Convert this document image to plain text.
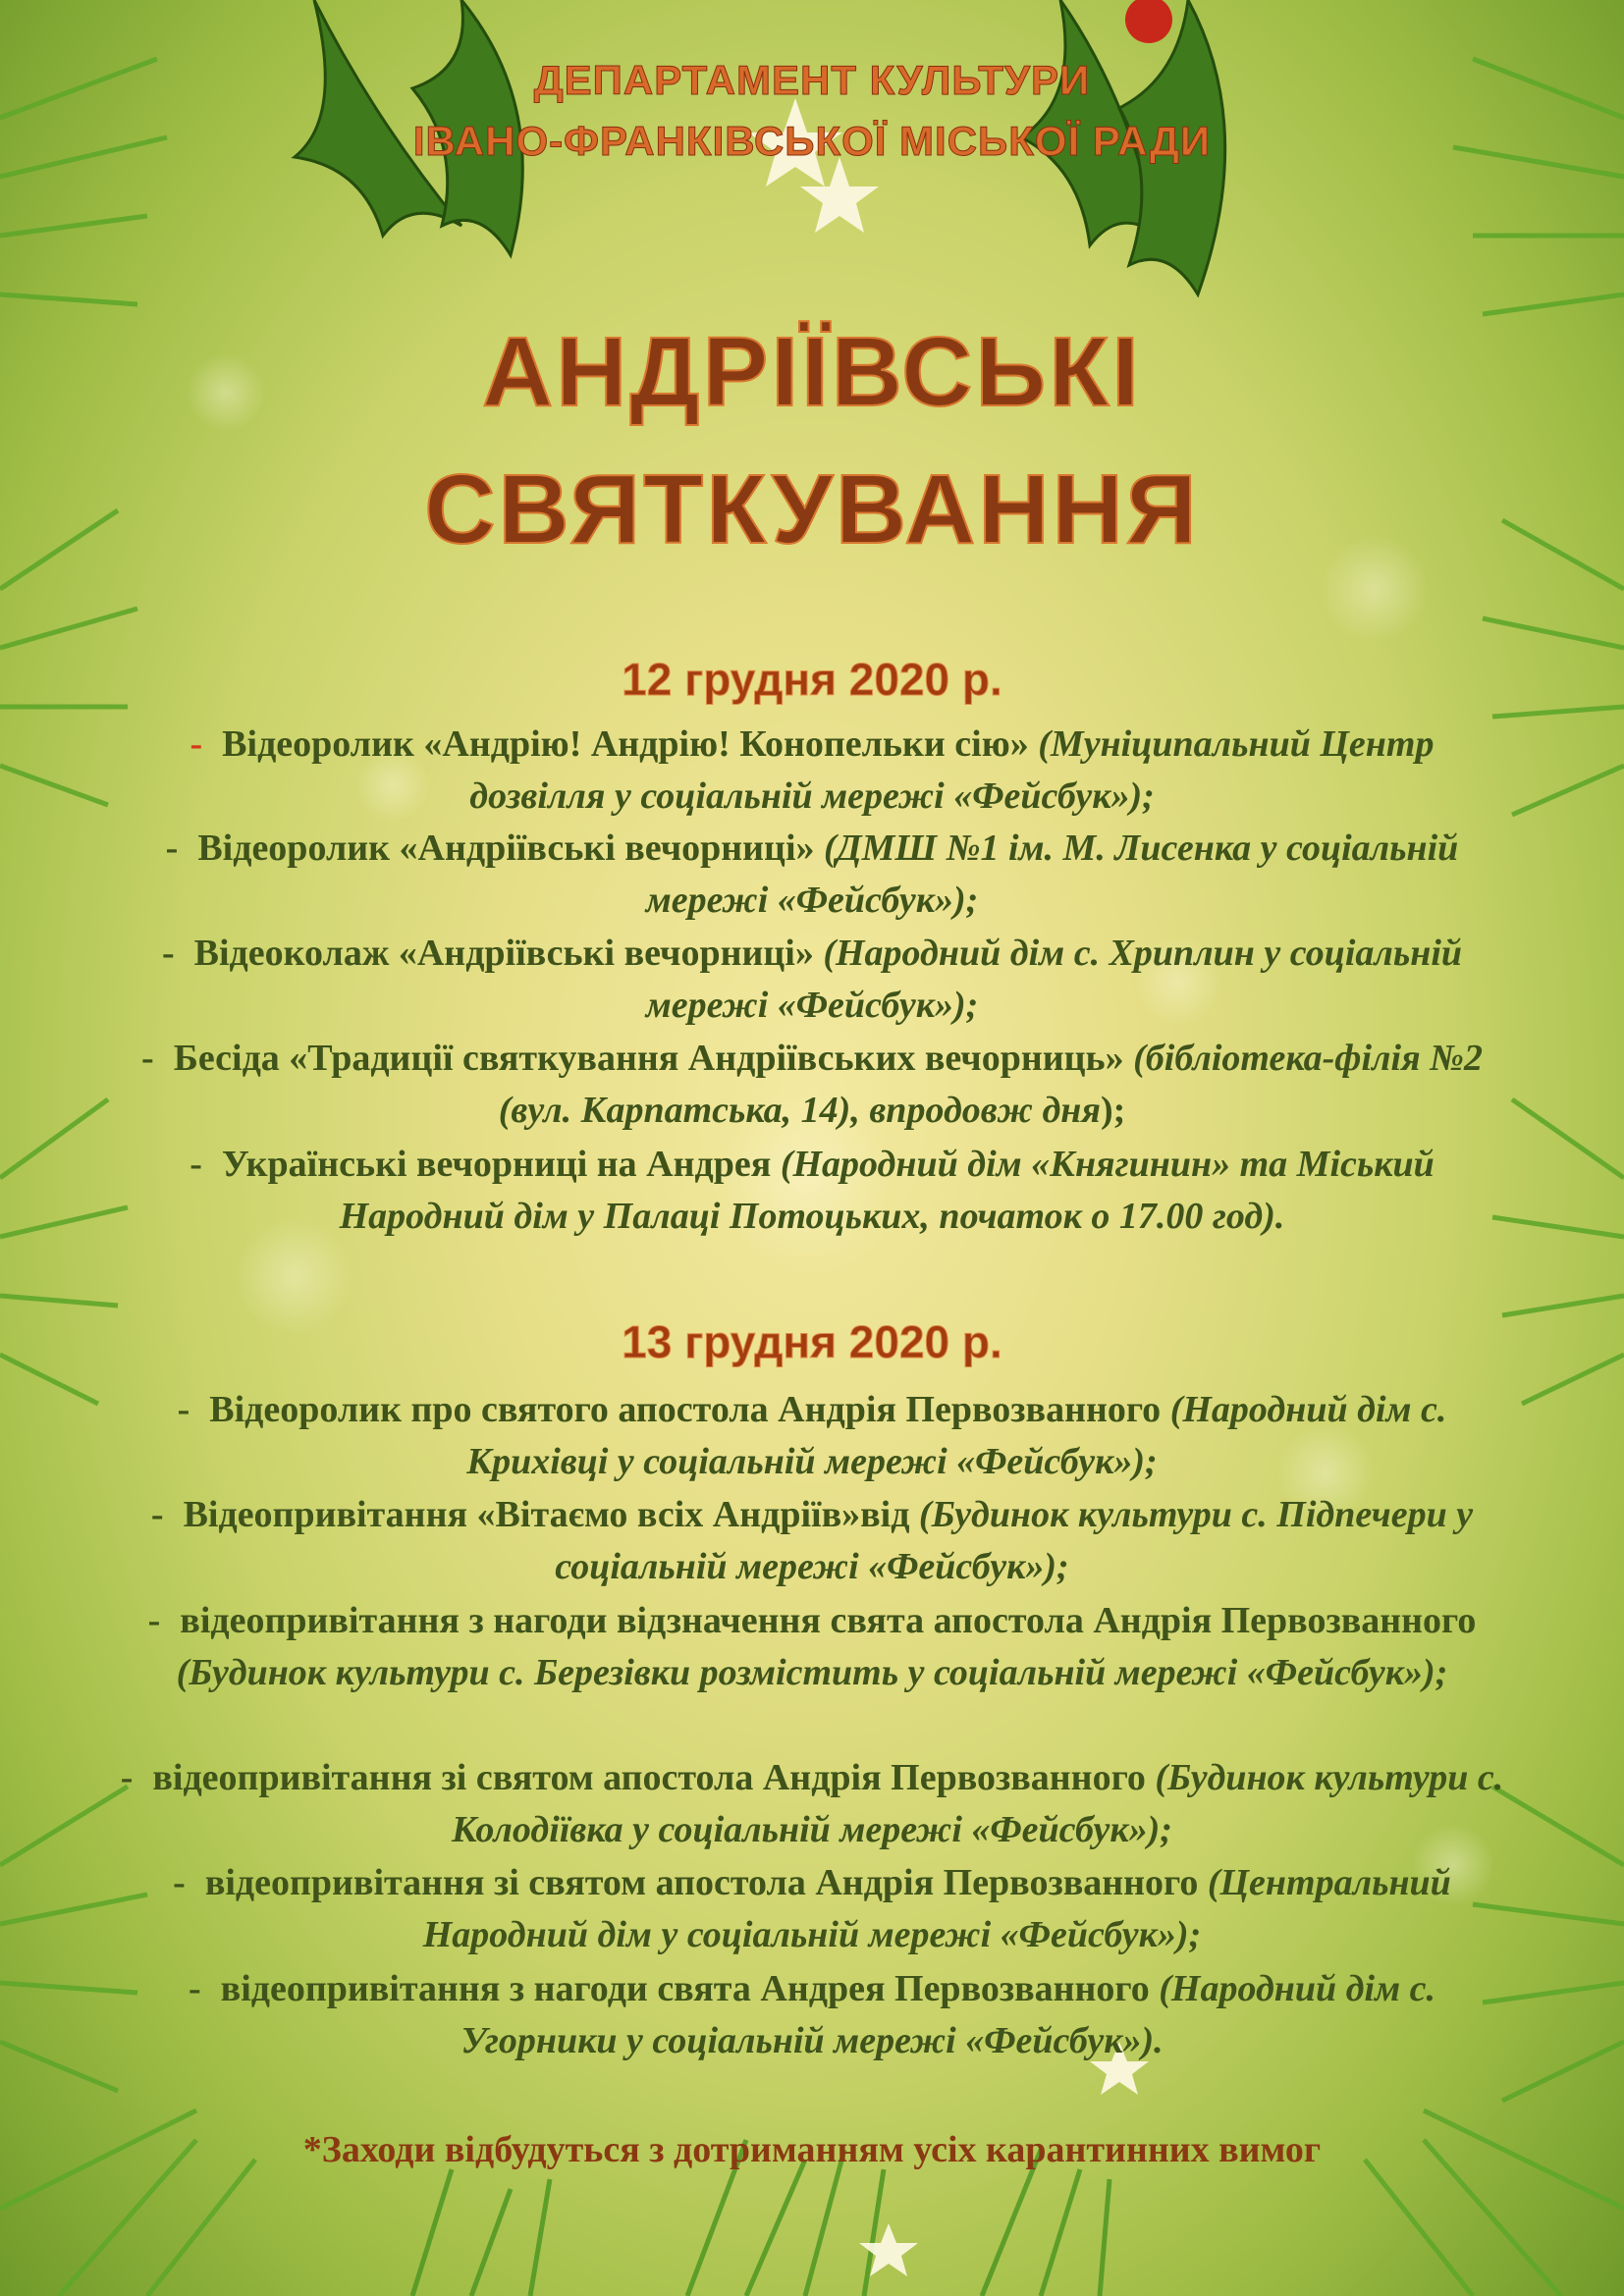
ДЕПАРТАМЕНТ КУЛЬТУРИ
ІВАНО-ФРАНКІВСЬКОЇ МІСЬКОЇ РАДИ
АНДРІЇВСЬКІ
СВЯТКУВАННЯ
12 грудня 2020 р.
- Відеоролик «Андрію! Андрію! Конопельки сію» (Муніципальний Центр дозвілля у соціальній мережі «Фейсбук»);
- Відеоролик «Андріївські вечорниці» (ДМШ №1 ім. М. Лисенка у соціальній мережі «Фейсбук»);
- Відеоколаж «Андріївські вечорниці» (Народний дім с. Хриплин у соціальній мережі «Фейсбук»);
- Бесіда «Традиції святкування Андріївських вечорниць» (бібліотека-філія №2 (вул. Карпатська, 14), впродовж дня);
- Українські вечорниці на Андрея (Народний дім «Княгинин» та Міський Народний дім у Палаці Потоцьких, початок о 17.00 год).
13 грудня 2020 р.
- Відеоролик про святого апостола Андрія Первозванного (Народний дім с. Крихівці у соціальній мережі «Фейсбук»);
- Відеопривітання «Вітаємо всіх Андріїв»від (Будинок культури с. Підпечери у соціальній мережі «Фейсбук»);
- відеопривітання з нагоди відзначення свята апостола Андрія Первозванного (Будинок культури с. Березівки розмістить у соціальній мережі «Фейсбук»);
- відеопривітання зі святом апостола Андрія Первозванного (Будинок культури с. Колодіївка у соціальній мережі «Фейсбук»);
- відеопривітання зі святом апостола Андрія Первозванного (Центральний Народний дім у соціальній мережі «Фейсбук»);
- відеопривітання з нагоди свята Андрея Первозванного (Народний дім с. Угорники у соціальній мережі «Фейсбук»).
*Заходи відбудуться з дотриманням усіх карантинних вимог
